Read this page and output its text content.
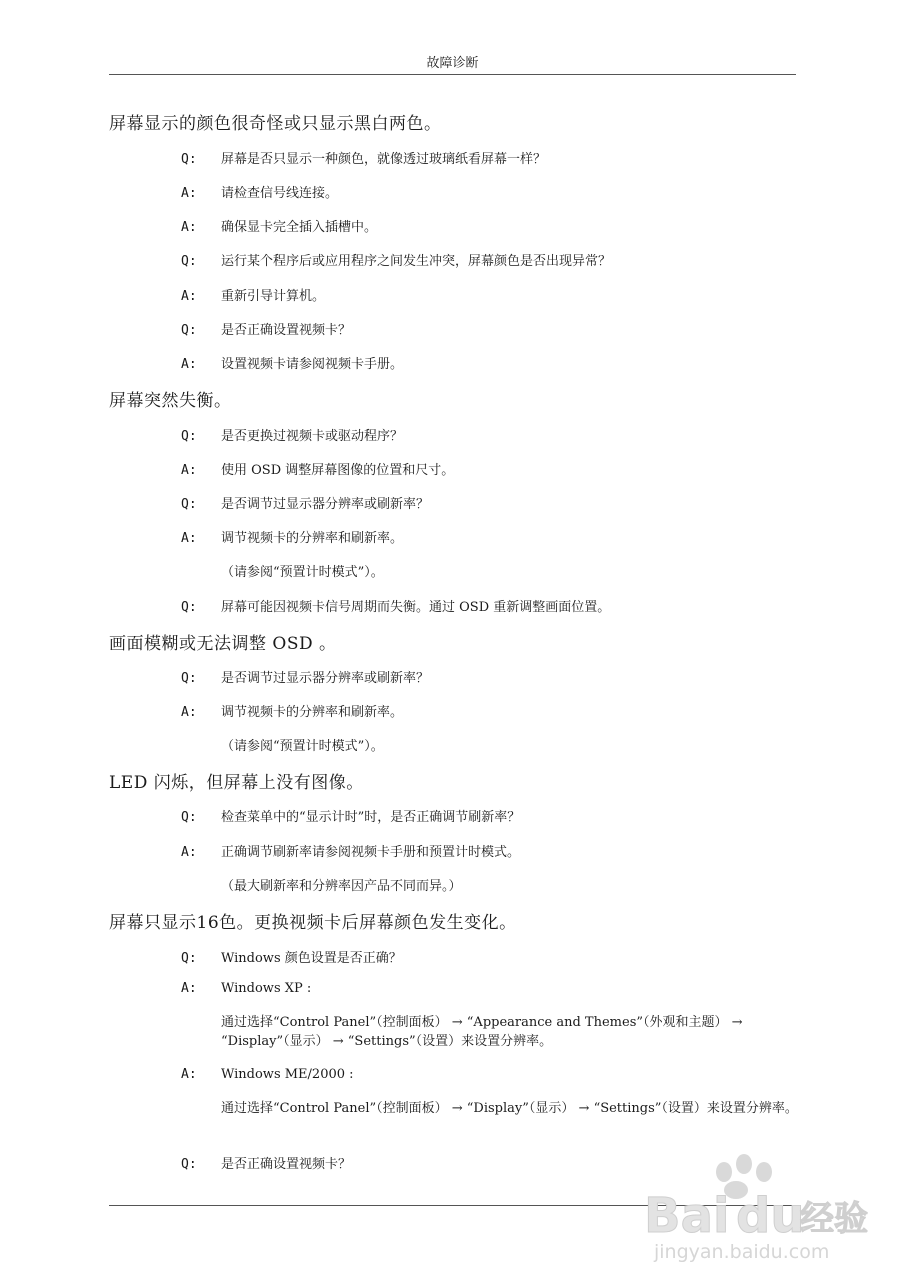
故障诊断
屏幕显示的颜色很奇怪或只显示黑白两色。
Q: 屏幕是否只显示一种颜色，就像透过玻璃纸看屏幕一样？
A: 请检查信号线连接。
A: 确保显卡完全插入插槽中。
Q: 运行某个程序后或应用程序之间发生冲突，屏幕颜色是否出现异常？
A: 重新引导计算机。
Q: 是否正确设置视频卡？
A: 设置视频卡请参阅视频卡手册。
屏幕突然失衡。
Q: 是否更换过视频卡或驱动程序？
A: 使用 OSD 调整屏幕图像的位置和尺寸。
Q: 是否调节过显示器分辨率或刷新率？
A: 调节视频卡的分辨率和刷新率。
（请参阅“预置计时模式”）。
Q: 屏幕可能因视频卡信号周期而失衡。通过 OSD 重新调整画面位置。
画面模糊或无法调整 OSD 。
Q: 是否调节过显示器分辨率或刷新率？
A: 调节视频卡的分辨率和刷新率。
（请参阅“预置计时模式”）。
LED 闪烁，但屏幕上没有图像。
Q: 检查菜单中的“显示计时”时，是否正确调节刷新率？
A: 正确调节刷新率请参阅视频卡手册和预置计时模式。
（最大刷新率和分辨率因产品不同而异。）
屏幕只显示16色。更换视频卡后屏幕颜色发生变化。
Q: Windows 颜色设置是否正确？
A: Windows XP :
通过选择“Control Panel”（控制面板） → “Appearance and Themes”（外观和主题） → “Display”（显示） → “Settings”（设置）来设置分辨率。
A: Windows ME/2000 :
通过选择“Control Panel”（控制面板） → “Display”（显示） → “Settings”（设置）来设置分辨率。
Q: 是否正确设置视频卡？
Bai du
经验
jingyan.baidu.com
